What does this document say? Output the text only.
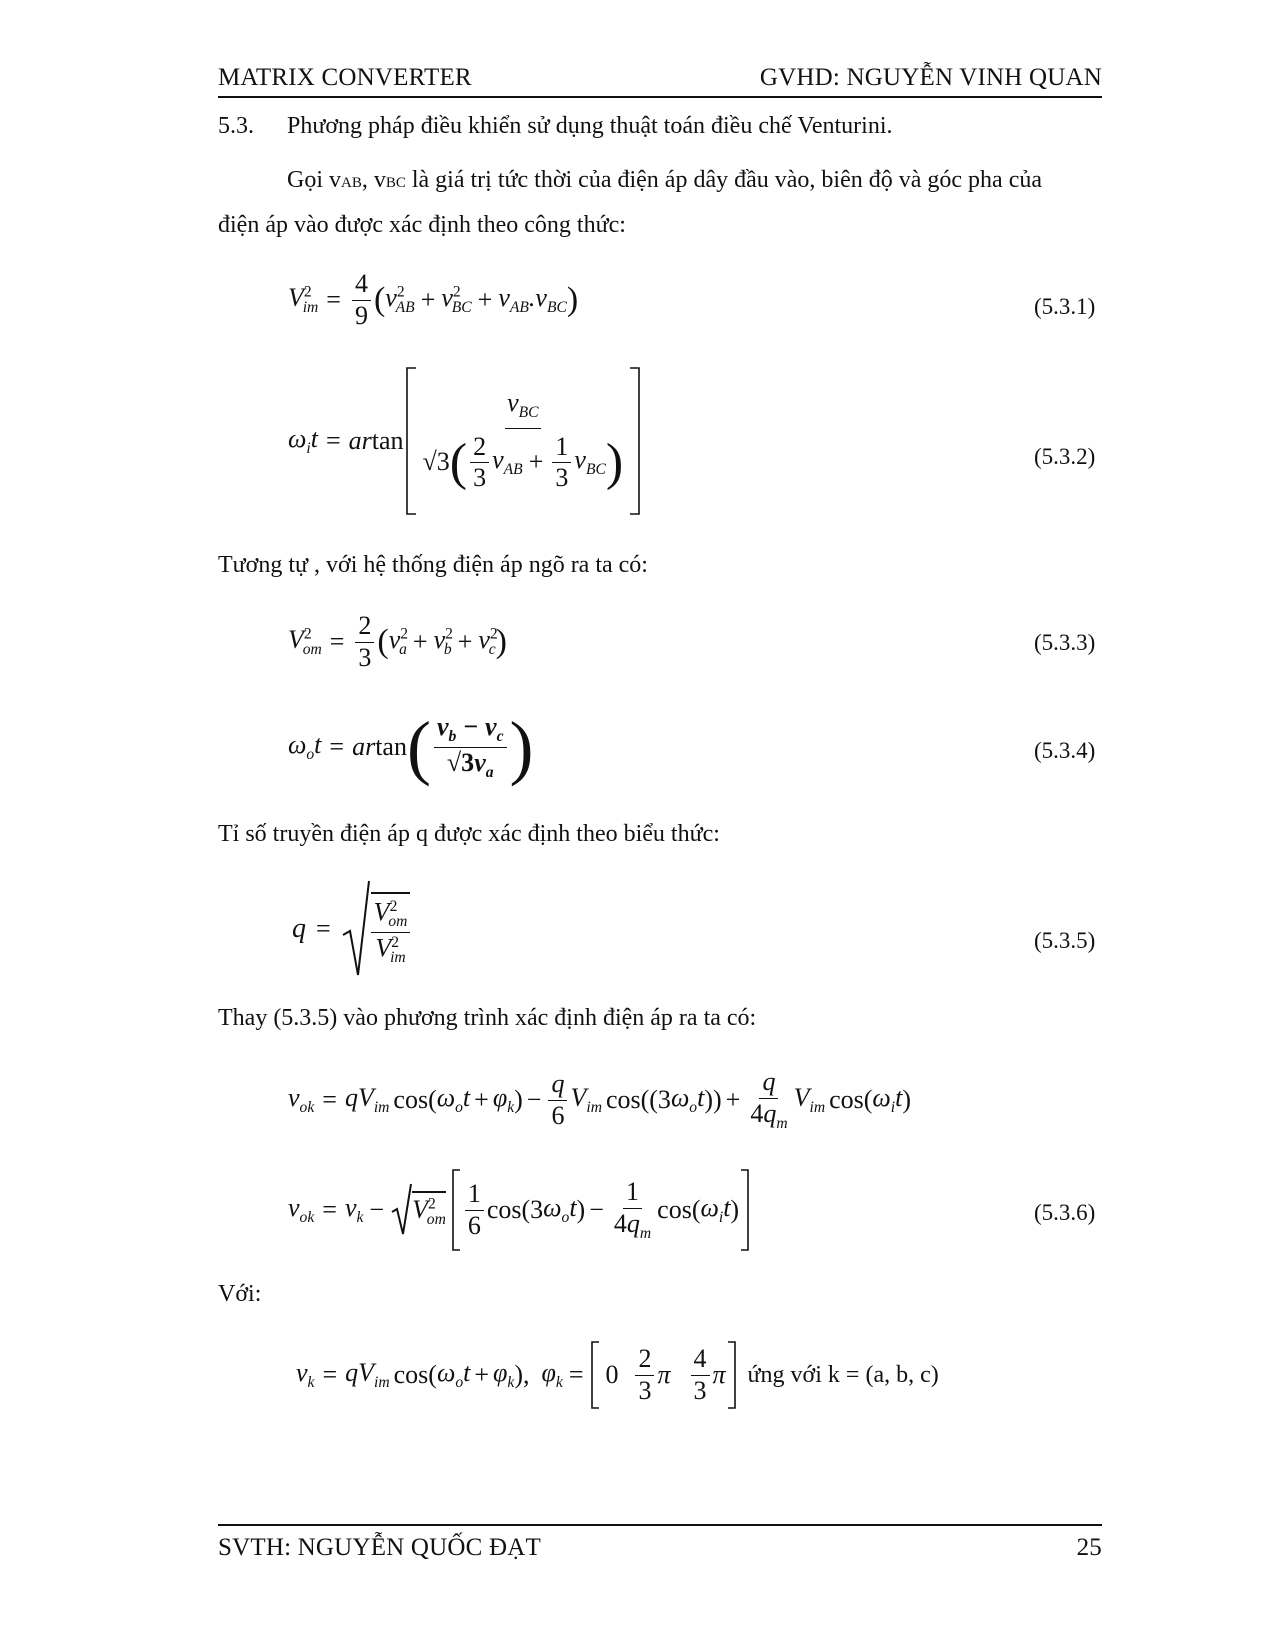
MATRIX CONVERTER	GVHD: NGUYỄN VINH QUAN
5.3. Phương pháp điều khiển sử dụng thuật toán điều chế Venturini.
Gọi vAB, vBC là giá trị tức thời của điện áp dây đầu vào, biên độ và góc pha của
điện áp vào được xác định theo công thức:
$V^2_{im} = \frac{4}{9}$ ( $v^2_{AB} + v^2_{BC} + v_{AB}.v_{BC}$ )	(5.3.1)
$\omega_it$ = ar tan
$v_{BC}$
√3 ( $\frac{2}{3} v_{AB} + \frac{1}{3} v_{BC}$ )	(5.3.2)
Tương tự , với hệ thống điện áp ngõ ra ta có:
$V^2_{om} = \frac{2}{3}$ ( $v^2_a + v^2_b + v^2_c$ )	(5.3.3)
$\omega_ot$ = ar tan ( $\frac{v_b - v_c}{√3v_a}$ )	(5.3.4)
Tỉ số truyền điện áp q được xác định theo biểu thức:
$q = \frac{V^2_{om}}{V^2_{im}}$	(5.3.5)
Thay (5.3.5) vào phương trình xác định điện áp ra ta có:
$v_{ok} = qV_{im}$ cos( $\omega_ot + \varphi_k$ ) − $\frac{q}{6} V_{im}$ cos((3 $\omega_ot$ )) + $\frac{q}{4q_m} V_{im}$ cos( $\omega_it$ )
$v_{ok} = v_k - V^2_{om} \frac{1}{6} \cos(3$ $\omega_ot$ ) − $\frac{1}{4q_m} \cos$( $\omega_it$ )	(5.3.6)
Với:
$v_k = qV_{im}$ cos( $\omega_ot + \varphi_k$ ), $\varphi_k = 0 \frac{2}{3}$ π $\frac{4}{3}$ π ứng với k = (a, b, c)
SVTH: NGUYỄN QUỐC ĐẠT	25
